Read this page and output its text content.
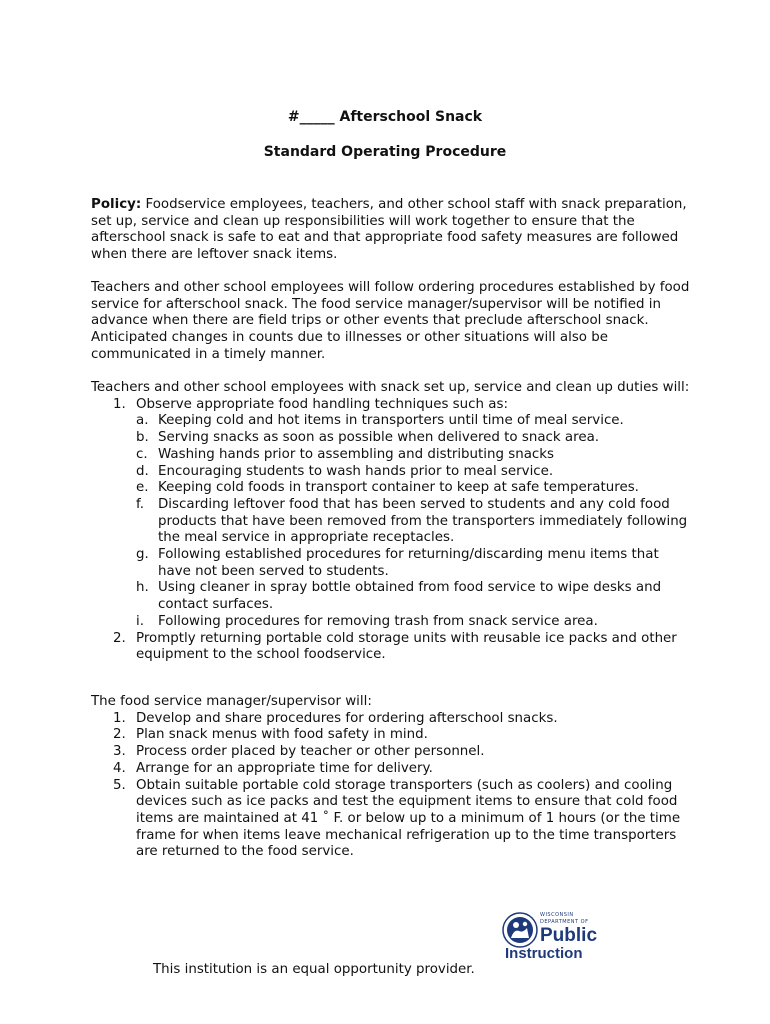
#_____ Afterschool Snack
Standard Operating Procedure

Policy: Foodservice employees, teachers, and other school staff with snack preparation, set up, service and clean up responsibilities will work together to ensure that the afterschool snack is safe to eat and that appropriate food safety measures are followed when there are leftover snack items.

Teachers and other school employees will follow ordering procedures established by food service for afterschool snack. The food service manager/supervisor will be notified in advance when there are field trips or other events that preclude afterschool snack. Anticipated changes in counts due to illnesses or other situations will also be communicated in a timely manner.

Teachers and other school employees with snack set up, service and clean up duties will:

1. Observe appropriate food handling techniques such as:
a. Keeping cold and hot items in transporters until time of meal service.
b. Serving snacks as soon as possible when delivered to snack area.
c. Washing hands prior to assembling and distributing snacks
d. Encouraging students to wash hands prior to meal service.
e. Keeping cold foods in transport container to keep at safe temperatures.
f. Discarding leftover food that has been served to students and any cold food products that have been removed from the transporters immediately following the meal service in appropriate receptacles.
g. Following established procedures for returning/discarding menu items that have not been served to students.
h. Using cleaner in spray bottle obtained from food service to wipe desks and contact surfaces.
i. Following procedures for removing trash from snack service area.
2. Promptly returning portable cold storage units with reusable ice packs and other equipment to the school foodservice.

The food service manager/supervisor will:

1. Develop and share procedures for ordering afterschool snacks.
2. Plan snack menus with food safety in mind.
3. Process order placed by teacher or other personnel.
4. Arrange for an appropriate time for delivery.
5. Obtain suitable portable cold storage transporters (such as coolers) and cooling devices such as ice packs and test the equipment items to ensure that cold food items are maintained at 41 ˚ F. or below up to a minimum of 1 hours (or the time frame for when items leave mechanical refrigeration up to the time transporters are returned to the food service.
This institution is an equal opportunity provider.
WISCONSIN
DEPARTMENT OF
Public
Instruction
